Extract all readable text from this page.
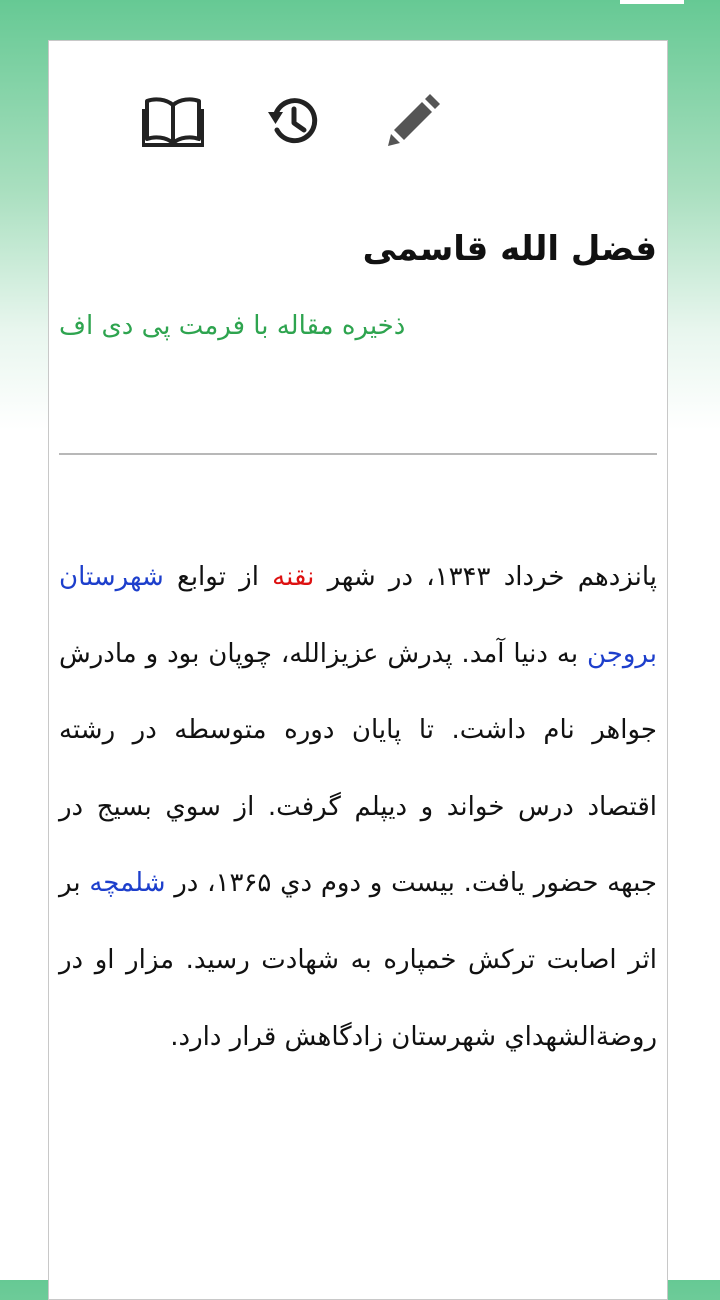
فضل الله قاسمی
ذخیره مقاله با فرمت پی دی اف

پانزدهم خرداد ۱۳۴۳، در شهر نقنه از توابع شهرستان بروجن به دنیا آمد. پدرش عزیزالله، چوپان بود و مادرش جواهر نام داشت. تا پایان دوره متوسطه در رشته اقتصاد درس خواند و دیپلم گرفت. از سوي بسيج در جبهه حضور يافت. بيست و دوم دي ۱۳۶۵، در شلمچه بر اثر اصابت ترکش خمپاره به شهادت رسيد. مزار او در روضةالشهداي شهرستان زادگاهش قرار دارد.
